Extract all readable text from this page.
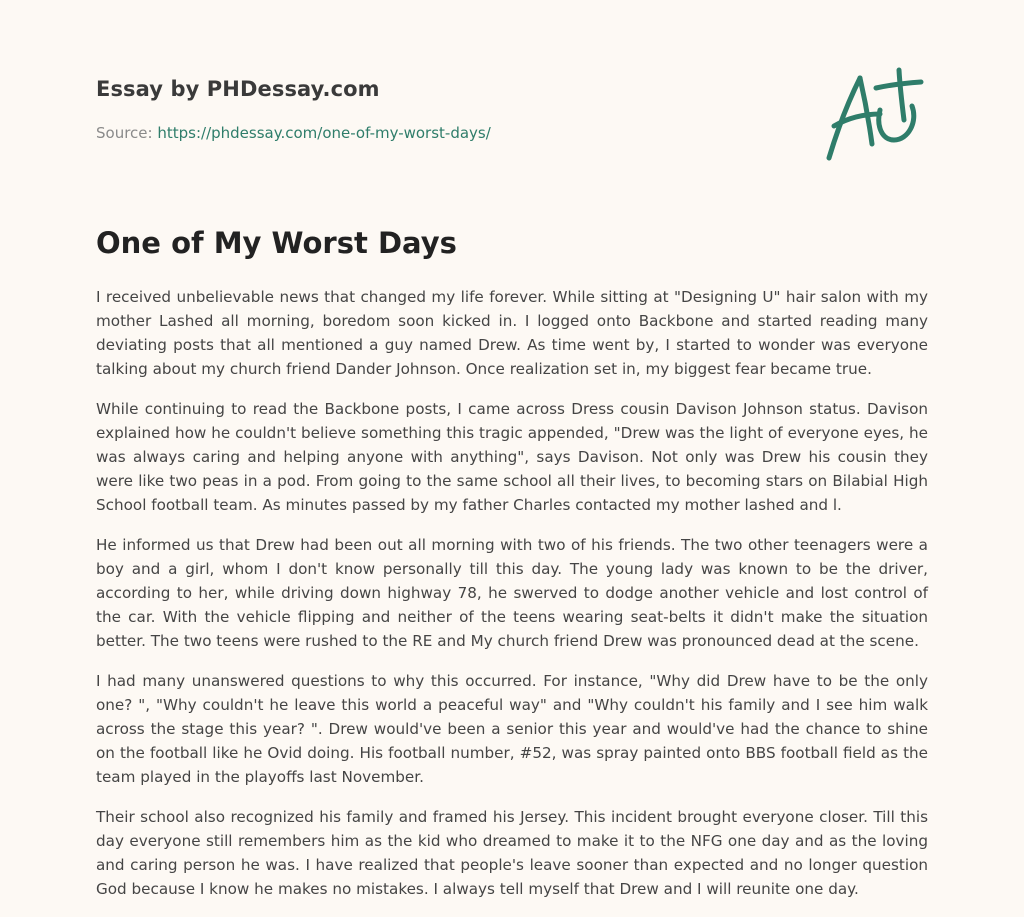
Essay by PHDessay.com
Source: https://phdessay.com/one-of-my-worst-days/
One of My Worst Days

I received unbelievable news that changed my life forever. While sitting at "Designing U" hair salon with my mother Lashed all morning, boredom soon kicked in. I logged onto Backbone and started reading many deviating posts that all mentioned a guy named Drew. As time went by, I started to wonder was everyone talking about my church friend Dander Johnson. Once realization set in, my biggest fear became true.

While continuing to read the Backbone posts, I came across Dress cousin Davison Johnson status. Davison explained how he couldn't believe something this tragic appended, "Drew was the light of everyone eyes, he was always caring and helping anyone with anything", says Davison. Not only was Drew his cousin they were like two peas in a pod. From going to the same school all their lives, to becoming stars on Bilabial High School football team. As minutes passed by my father Charles contacted my mother lashed and l.

He informed us that Drew had been out all morning with two of his friends. The two other teenagers were a boy and a girl, whom I don't know personally till this day. The young lady was known to be the driver, according to her, while driving down highway 78, he swerved to dodge another vehicle and lost control of the car. With the vehicle flipping and neither of the teens wearing seat-belts it didn't make the situation better. The two teens were rushed to the RE and My church friend Drew was pronounced dead at the scene.

I had many unanswered questions to why this occurred. For instance, "Why did Drew have to be the only one? ", "Why couldn't he leave this world a peaceful way" and "Why couldn't his family and I see him walk across the stage this year? ". Drew would've been a senior this year and would've had the chance to shine on the football like he Ovid doing. His football number, #52, was spray painted onto BBS football field as the team played in the playoffs last November.

Their school also recognized his family and framed his Jersey. This incident brought everyone closer. Till this day everyone still remembers him as the kid who dreamed to make it to the NFG one day and as the loving and caring person he was. I have realized that people's leave sooner than expected and no longer question God because I know he makes no mistakes. I always tell myself that Drew and I will reunite one day.
